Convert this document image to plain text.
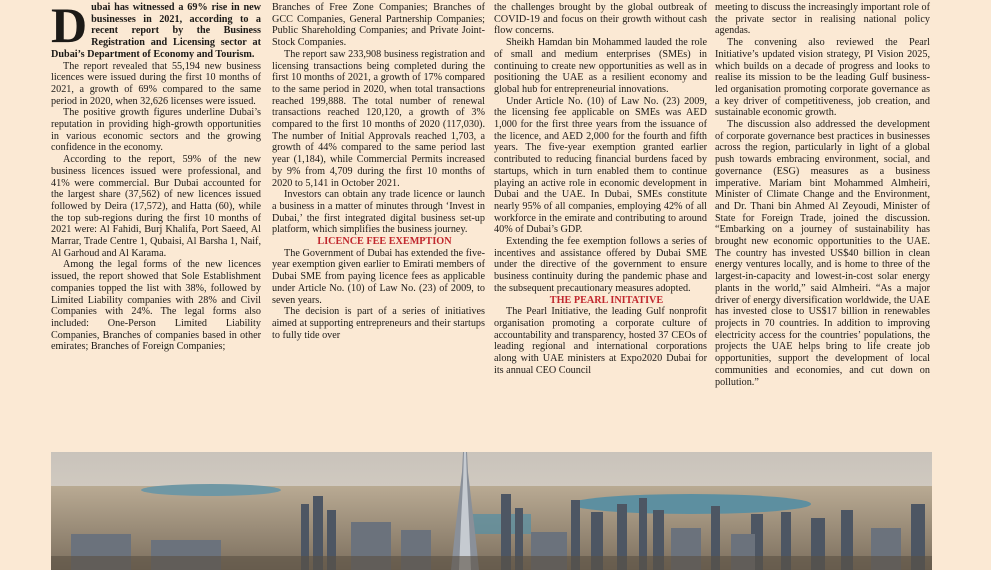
Dubai has witnessed a 69% rise in new businesses in 2021, according to a recent report by the Business Registration and Licensing sector at Dubai’s Department of Economy and Tourism.

The report revealed that 55,194 new business licences were issued during the first 10 months of 2021, a growth of 69% compared to the same period in 2020, when 32,626 licenses were issued.

The positive growth figures underline Dubai’s reputation in providing high-growth opportunities in various economic sectors and the growing confidence in the economy.

According to the report, 59% of the new business licences issued were professional, and 41% were commercial. Bur Dubai accounted for the largest share (37,562) of new licences issued followed by Deira (17,572), and Hatta (60), while the top sub-regions during the first 10 months of 2021 were: Al Fahidi, Burj Khalifa, Port Saeed, Al Marrar, Trade Centre 1, Qubaisi, Al Barsha 1, Naif, Al Garhoud and Al Karama.

Among the legal forms of the new licences issued, the report showed that Sole Establishment companies topped the list with 38%, followed by Limited Liability companies with 28% and Civil Companies with 24%. The legal forms also included: One-Person Limited Liability Companies, Branches of companies based in other emirates; Branches of Foreign Companies;

Branches of Free Zone Companies; Branches of GCC Companies, General Partnership Companies; Public Shareholding Companies; and Private Joint-Stock Companies.

The report saw 233,908 business registration and licensing transactions being completed during the first 10 months of 2021, a growth of 17% compared to the same period in 2020, when total transactions reached 199,888. The total number of renewal transactions reached 120,120, a growth of 3% compared to the first 10 months of 2020 (117,030). The number of Initial Approvals reached 1,703, a growth of 44% compared to the same period last year (1,184), while Commercial Permits increased by 9% from 4,709 during the first 10 months of 2020 to 5,141 in October 2021.

Investors can obtain any trade licence or launch a business in a matter of minutes through ‘Invest in Dubai,’ the first integrated digital business set-up platform, which simplifies the business journey.

LICENCE FEE EXEMPTION

The Government of Dubai has extended the five-year exemption given earlier to Emirati members of Dubai SME from paying licence fees as applicable under Article No. (10) of Law No. (23) of 2009, to seven years.

The decision is part of a series of initiatives aimed at supporting entrepreneurs and their startups to fully tide over

the challenges brought by the global outbreak of COVID-19 and focus on their growth without cash flow concerns.

Sheikh Hamdan bin Mohammed lauded the role of small and medium enterprises (SMEs) in continuing to create new opportunities as well as in positioning the UAE as a resilient economy and global hub for entrepreneurial innovations.

Under Article No. (10) of Law No. (23) 2009, the licensing fee applicable on SMEs was AED 1,000 for the first three years from the issuance of the licence, and AED 2,000 for the fourth and fifth years. The five-year exemption granted earlier contributed to reducing financial burdens faced by startups, which in turn enabled them to continue playing an active role in economic development in Dubai and the UAE. In Dubai, SMEs constitute nearly 95% of all companies, employing 42% of all workforce in the emirate and contributing to around 40% of Dubai’s GDP.

Extending the fee exemption follows a series of incentives and assistance offered by Dubai SME under the directive of the government to ensure business continuity during the pandemic phase and the subsequent precautionary measures adopted.

THE PEARL INITATIVE

The Pearl Initiative, the leading Gulf nonprofit organisation promoting a corporate culture of accountability and transparency, hosted 37 CEOs of leading regional and international corporations along with UAE ministers at Expo2020 Dubai for its annual CEO Council

meeting to discuss the increasingly important role of the private sector in realising national policy agendas.

The convening also reviewed the Pearl Initiative’s updated vision strategy, PI Vision 2025, which builds on a decade of progress and looks to realise its mission to be the leading Gulf business-led organisation promoting corporate governance as a key driver of competitiveness, job creation, and sustainable economic growth.

The discussion also addressed the development of corporate governance best practices in businesses across the region, particularly in light of a global push towards embracing environment, social, and governance (ESG) measures as a business imperative. Mariam bint Mohammed Almheiri, Minister of Climate Change and the Environment, and Dr. Thani bin Ahmed Al Zeyoudi, Minister of State for Foreign Trade, joined the discussion. “Embarking on a journey of sustainability has brought new economic opportunities to the UAE. The country has invested US$40 billion in clean energy ventures locally, and is home to three of the largest-in-capacity and lowest-in-cost solar energy plants in the world,” said Almheiri. “As a major driver of energy diversification worldwide, the UAE has invested close to US$17 billion in renewables projects in 70 countries. In addition to improving electricity access for the countries’ populations, the projects the UAE helps bring to life create job opportunities, support the development of local communities and economies, and cut down on pollution.”
